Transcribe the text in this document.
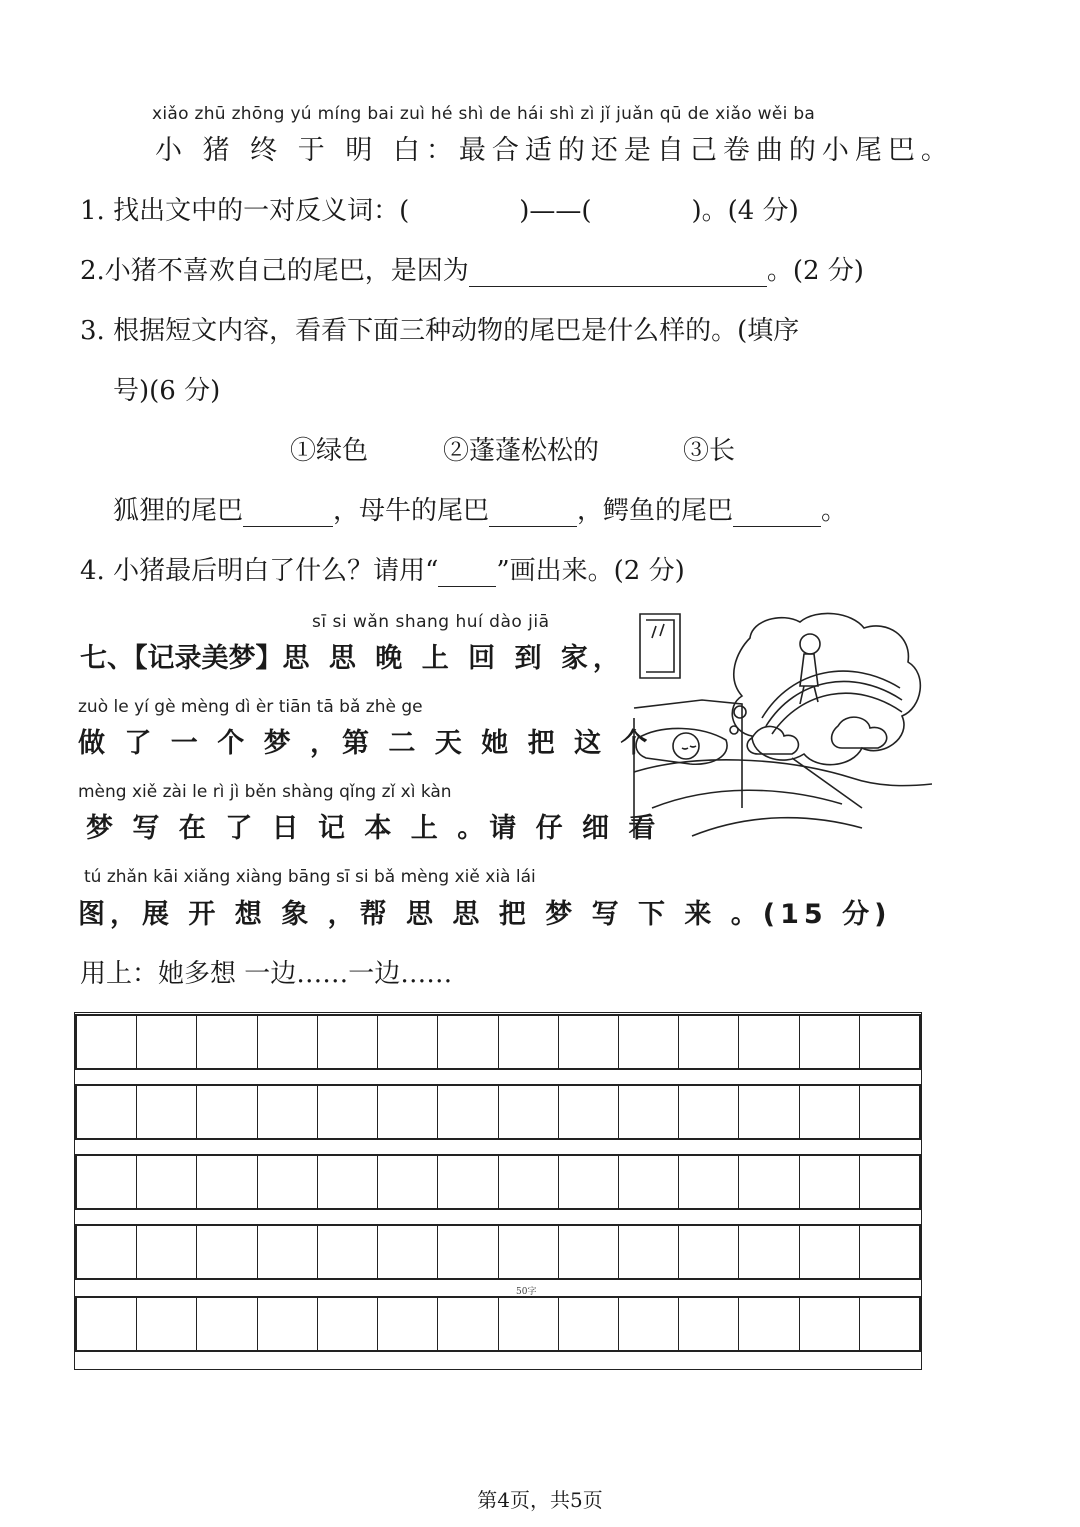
xiǎo zhū zhōng yú míng bai zuì hé shì de hái shì zì jǐ juǎn qū de xiǎo wěi ba
小 猪 终 于 明 白：最合适的还是自己卷曲的小尾巴。
1. 找出文中的一对反义词：(	)——(	)。(4 分)
2.小猪不喜欢自己的尾巴，是因为	。(2 分)
3. 根据短文内容，看看下面三种动物的尾巴是什么样的。(填序
号)(6 分)
①绿色	②蓬蓬松松的	③长
狐狸的尾巴	，母牛的尾巴	，鳄鱼的尾巴	。
4. 小猪最后明白了什么？请用“ ”画出来。(2 分)
sī si wǎn shang huí dào jiā
七、【记录美梦】思 思 晚 上 回 到 家，
zuò le yí gè mèng dì èr tiān tā bǎ zhè ge
做 了 一 个 梦 ，第 二 天 她 把 这 个
mèng xiě zài le rì jì běn shàng qǐng zǐ xì kàn
梦 写 在 了 日 记 本 上 。请 仔 细 看
tú zhǎn kāi xiǎng xiàng bāng sī si bǎ mèng xiě xià lái
图，展 开 想 象 ，帮 思 思 把 梦 写 下 来 。(15 分)
用上：她多想 一边……一边……
50字
第4页，共5页
